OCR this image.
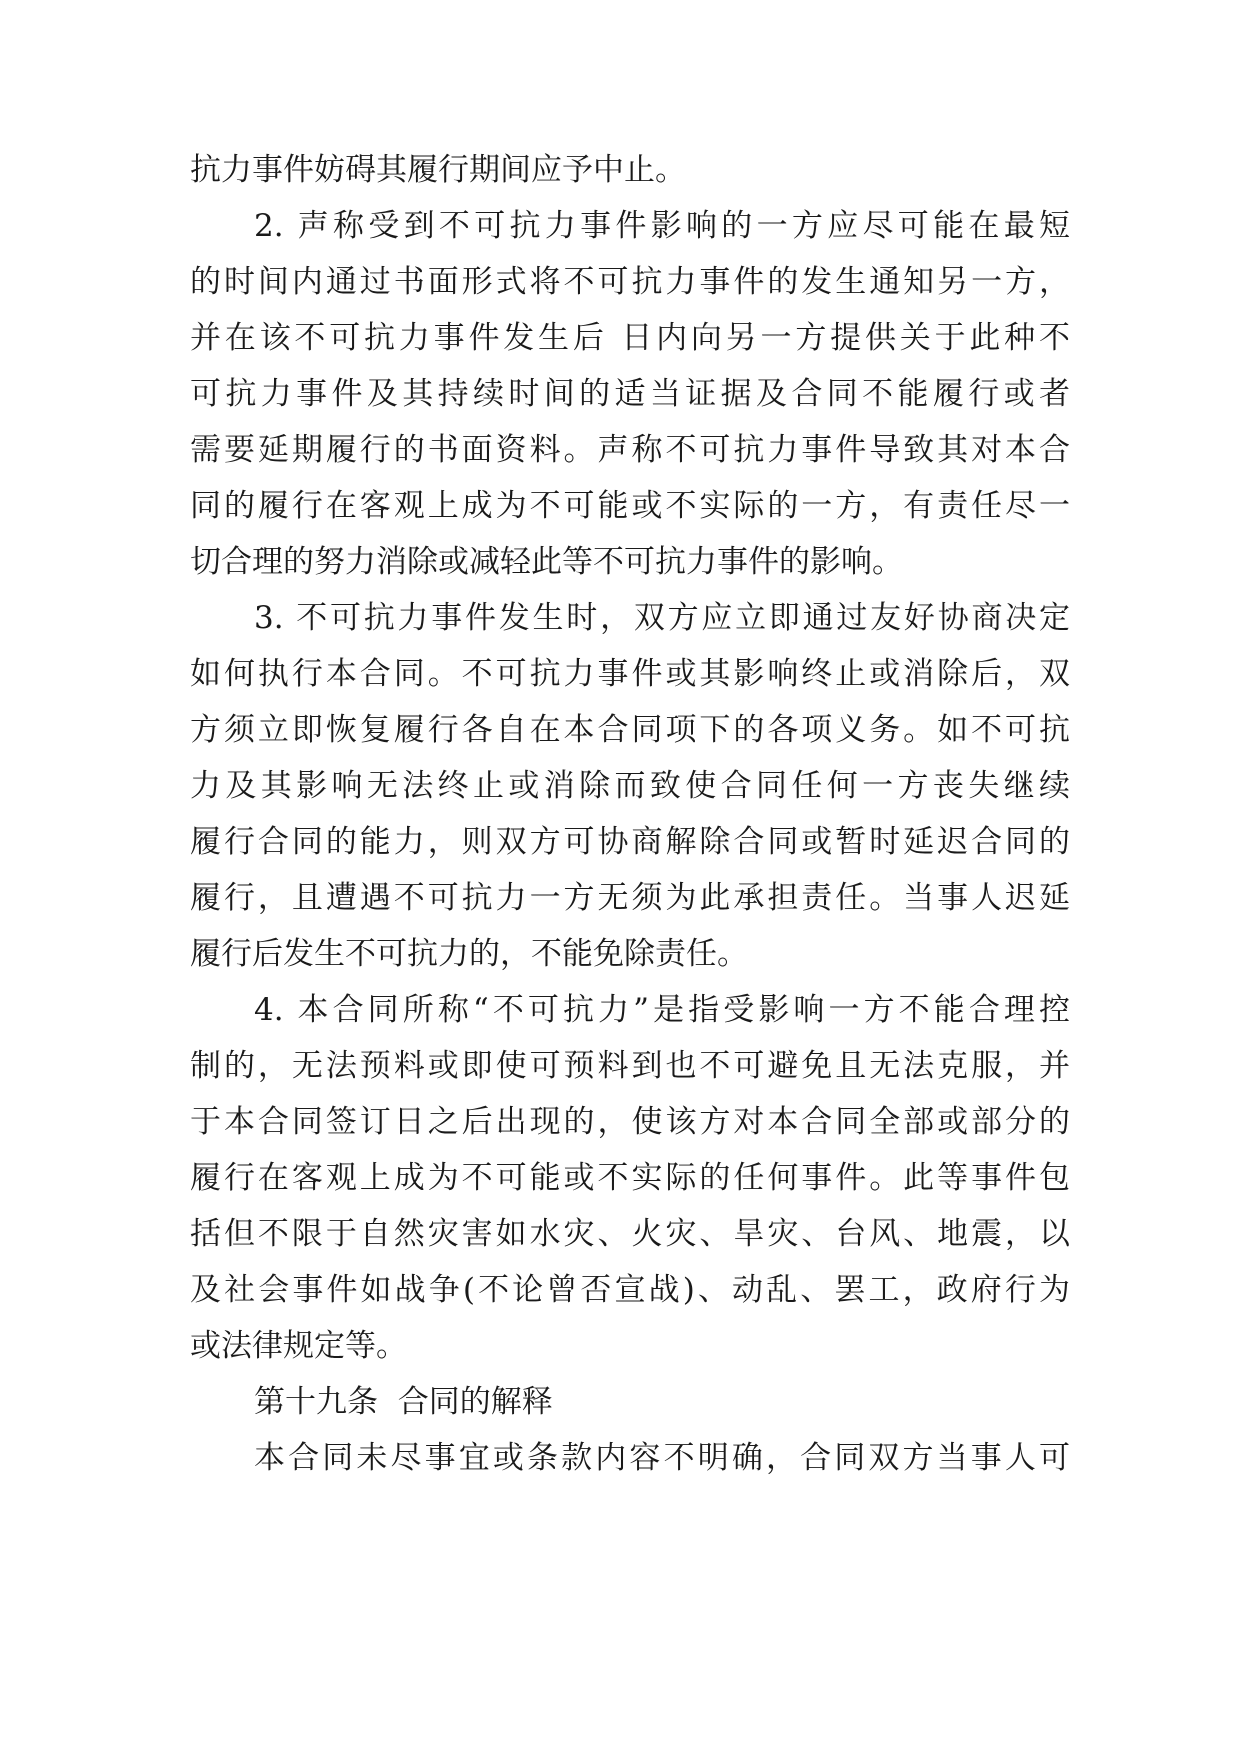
抗力事件妨碍其履行期间应予中止。
2. 声称受到不可抗力事件影响的一方应尽可能在最短
的时间内通过书面形式将不可抗力事件的发生通知另一方，
并在该不可抗力事件发生后 日内向另一方提供关于此种不
可抗力事件及其持续时间的适当证据及合同不能履行或者
需要延期履行的书面资料。声称不可抗力事件导致其对本合
同的履行在客观上成为不可能或不实际的一方，有责任尽一
切合理的努力消除或减轻此等不可抗力事件的影响。
3. 不可抗力事件发生时，双方应立即通过友好协商决定
如何执行本合同。不可抗力事件或其影响终止或消除后，双
方须立即恢复履行各自在本合同项下的各项义务。如不可抗
力及其影响无法终止或消除而致使合同任何一方丧失继续
履行合同的能力，则双方可协商解除合同或暂时延迟合同的
履行，且遭遇不可抗力一方无须为此承担责任。当事人迟延
履行后发生不可抗力的，不能免除责任。
4. 本合同所称“不可抗力”是指受影响一方不能合理控
制的，无法预料或即使可预料到也不可避免且无法克服，并
于本合同签订日之后出现的，使该方对本合同全部或部分的
履行在客观上成为不可能或不实际的任何事件。此等事件包
括但不限于自然灾害如水灾、火灾、旱灾、台风、地震，以
及社会事件如战争(不论曾否宣战)、动乱、罢工，政府行为
或法律规定等。
第十九条  合同的解释
本合同未尽事宜或条款内容不明确，合同双方当事人可
